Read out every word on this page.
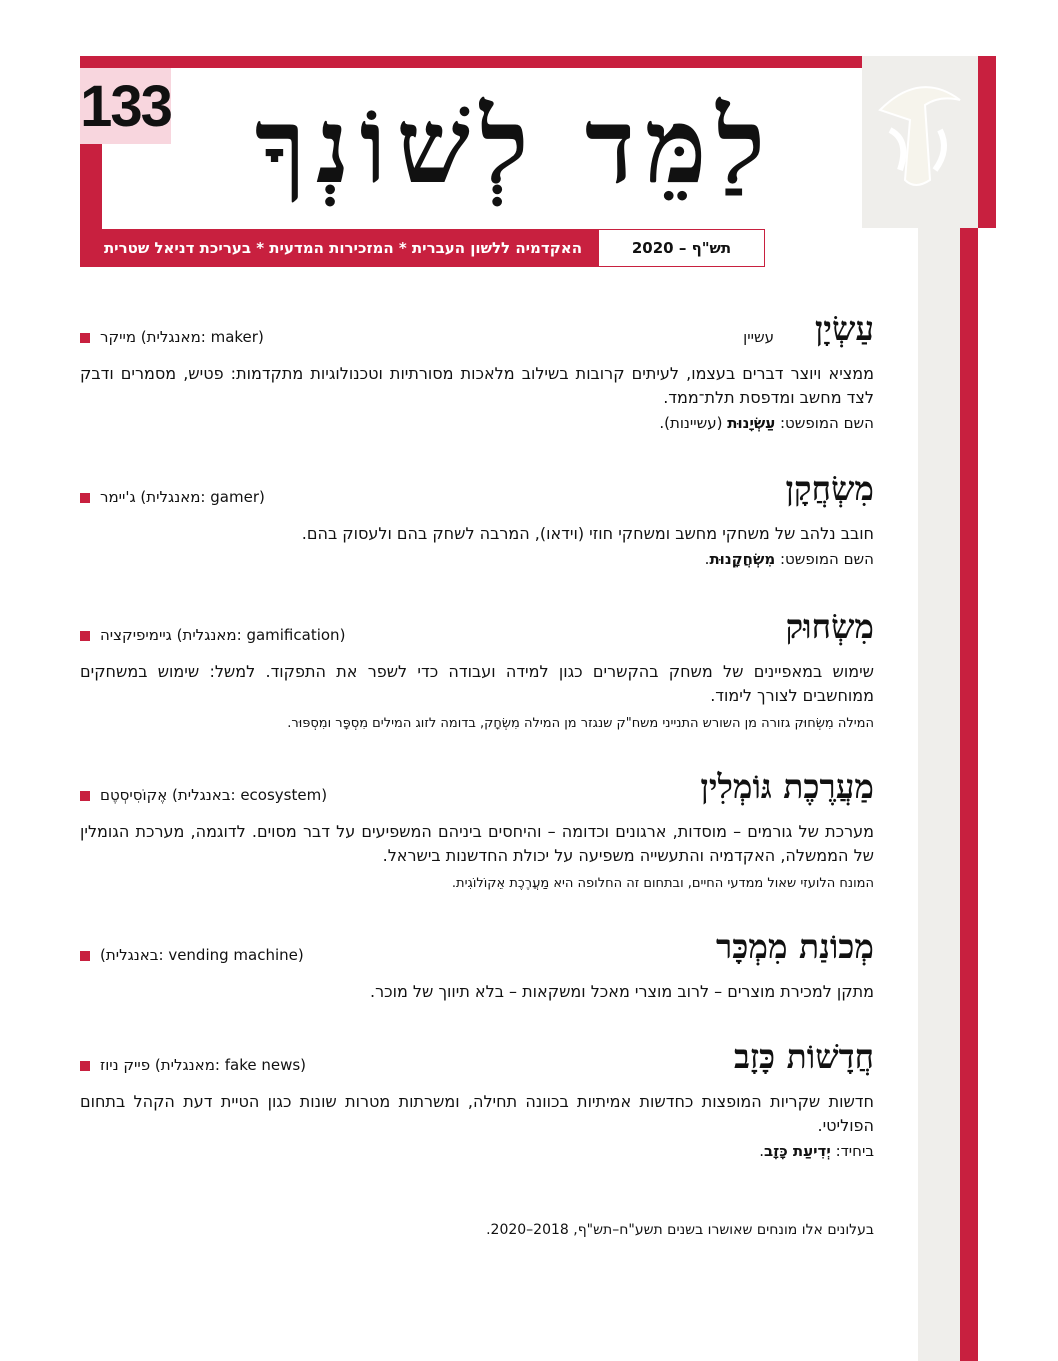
133 לַמֵּד לְשׁוֹנְךָ
האקדמיה ללשון העברית * המזכירות המדעית * בעריכת דניאל שטרית	תש"ף – 2020
עַשְׂיָן
עשיין
(maker :מאנגלית) מייקר
ממציא ויוצר דברים בעצמו, לעיתים קרובות בשילוב מלאכות מסורתיות וטכנולוגיות מתקדמות: פטיש, מסמרים ודבק לצד מחשב ומדפסת תלת־ממד.
השם המופשט: עַשְׂיָנוּת (עשיינות).
מִשְׂחֲקָן
(gamer :מאנגלית) ג'יימר
חובב נלהב של משחקי מחשב ומשחקי חוזי (וידאו), המרבה לשחק בהם ולעסוק בהם.
השם המופשט: מִשְׂחֲקָנוּת.
מִשְׂחוּק
(gamification :מאנגלית) גיימיפיקציה
שימוש במאפיינים של משחק בהקשרים כגון למידה ועבודה כדי לשפר את התפקוד. למשל: שימוש במשחקים ממוחשבים לצורך לימוד.
המילה מִשְׂחוּק גזורה מן השורש התנייני משח"ק שנגזר מן המילה מִשְׂחָק, בדומה לזוג המילים מִסְפָּר ומִסְפּוּר.
מַעֲרֶכֶת גּוֹמְלִין
(ecosystem :באנגלית) אֶקוֹסִיסְטֶם
מערכת של גורמים – מוסדות, ארגונים וכדומה – והיחסים ביניהם המשפיעים על דבר מסוים. לדוגמה, מערכת הגומלין של הממשלה, האקדמיה והתעשייה משפיעה על יכולת החדשנות בישראל.
המונח הלועזי שאול ממדעי החיים, ובתחום זה החלופה היא מַעֲרֶכֶת אֵקוֹלוֹגִית.
מְכוֹנַת מִמְכָּר
(vending machine :באנגלית)
מתקן למכירת מוצרים – לרוב מוצרי מאכל ומשקאות – בלא תיווך של מוכר.
חֲדָשׁוֹת כָּזָב
(fake news :מאנגלית) פייק ניוז
חדשות שקריות המופצות כחדשות אמיתיות בכוונה תחילה, ומשרתות מטרות שונות כגון הטיית דעת הקהל בתחום הפוליטי.
ביחיד: יְדִיעַת כָּזָב.
בעלונים אלו מונחים שאושרו בשנים תשע"ח–תש"ף, 2018–2020.
